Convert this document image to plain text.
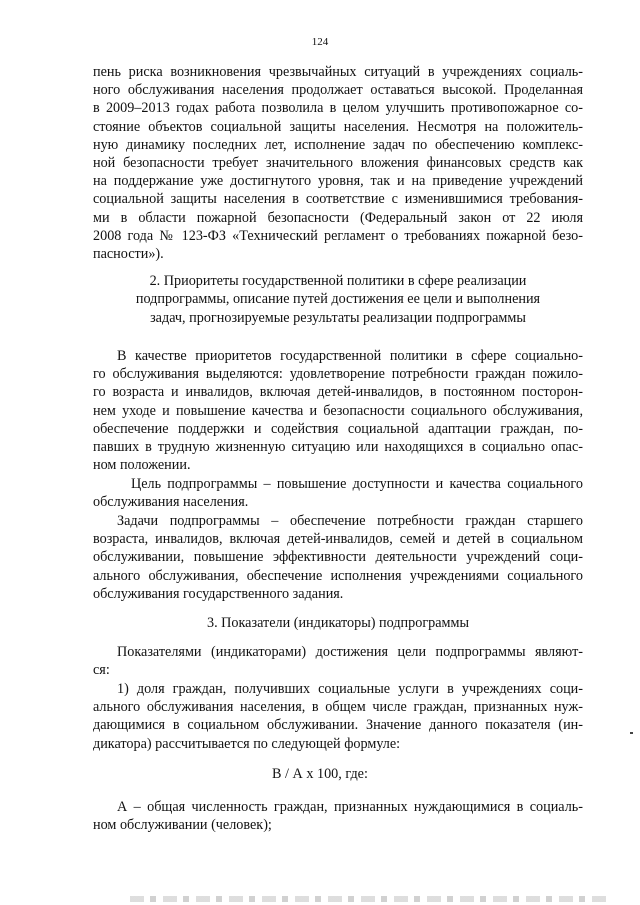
124
пень риска возникновения чрезвычайных ситуаций в учреждениях социаль-
ного обслуживания населения продолжает оставаться высокой. Проделанная
в 2009–2013 годах работа позволила в целом улучшить противопожарное со-
стояние объектов социальной защиты населения. Несмотря на положитель-
ную динамику последних лет, исполнение задач по обеспечению комплекс-
ной безопасности требует значительного вложения финансовых средств как
на поддержание уже достигнутого уровня, так и на приведение учреждений
социальной защиты населения в соответствие с изменившимися требования-
ми в области пожарной безопасности (Федеральный закон от 22 июля
2008 года № 123-ФЗ «Технический регламент о требованиях пожарной безо-
пасности»).
2. Приоритеты государственной политики в сфере реализации
подпрограммы, описание путей достижения ее цели и выполнения
задач, прогнозируемые результаты реализации подпрограммы
В качестве приоритетов государственной политики в сфере социально-
го обслуживания выделяются: удовлетворение потребности граждан пожило-
го возраста и инвалидов, включая детей-инвалидов, в постоянном посторон-
нем уходе и повышение качества и безопасности социального обслуживания,
обеспечение поддержки и содействия социальной адаптации граждан, по-
павших в трудную жизненную ситуацию или находящихся в социально опас-
ном положении.
Цель подпрограммы – повышение доступности и качества социального
обслуживания населения.
Задачи подпрограммы – обеспечение потребности граждан старшего
возраста, инвалидов, включая детей-инвалидов, семей и детей в социальном
обслуживании, повышение эффективности деятельности учреждений соци-
ального обслуживания, обеспечение исполнения учреждениями социального
обслуживания государственного задания.
3. Показатели (индикаторы) подпрограммы
Показателями (индикаторами) достижения цели подпрограммы являют-
ся:
1) доля граждан, получивших социальные услуги в учреждениях соци-
ального обслуживания населения, в общем числе граждан, признанных нуж-
дающимися в социальном обслуживании. Значение данного показателя (ин-
дикатора) рассчитывается по следующей формуле:
В / А х 100, где:
А – общая численность граждан, признанных нуждающимися в социаль-
ном обслуживании (человек);
